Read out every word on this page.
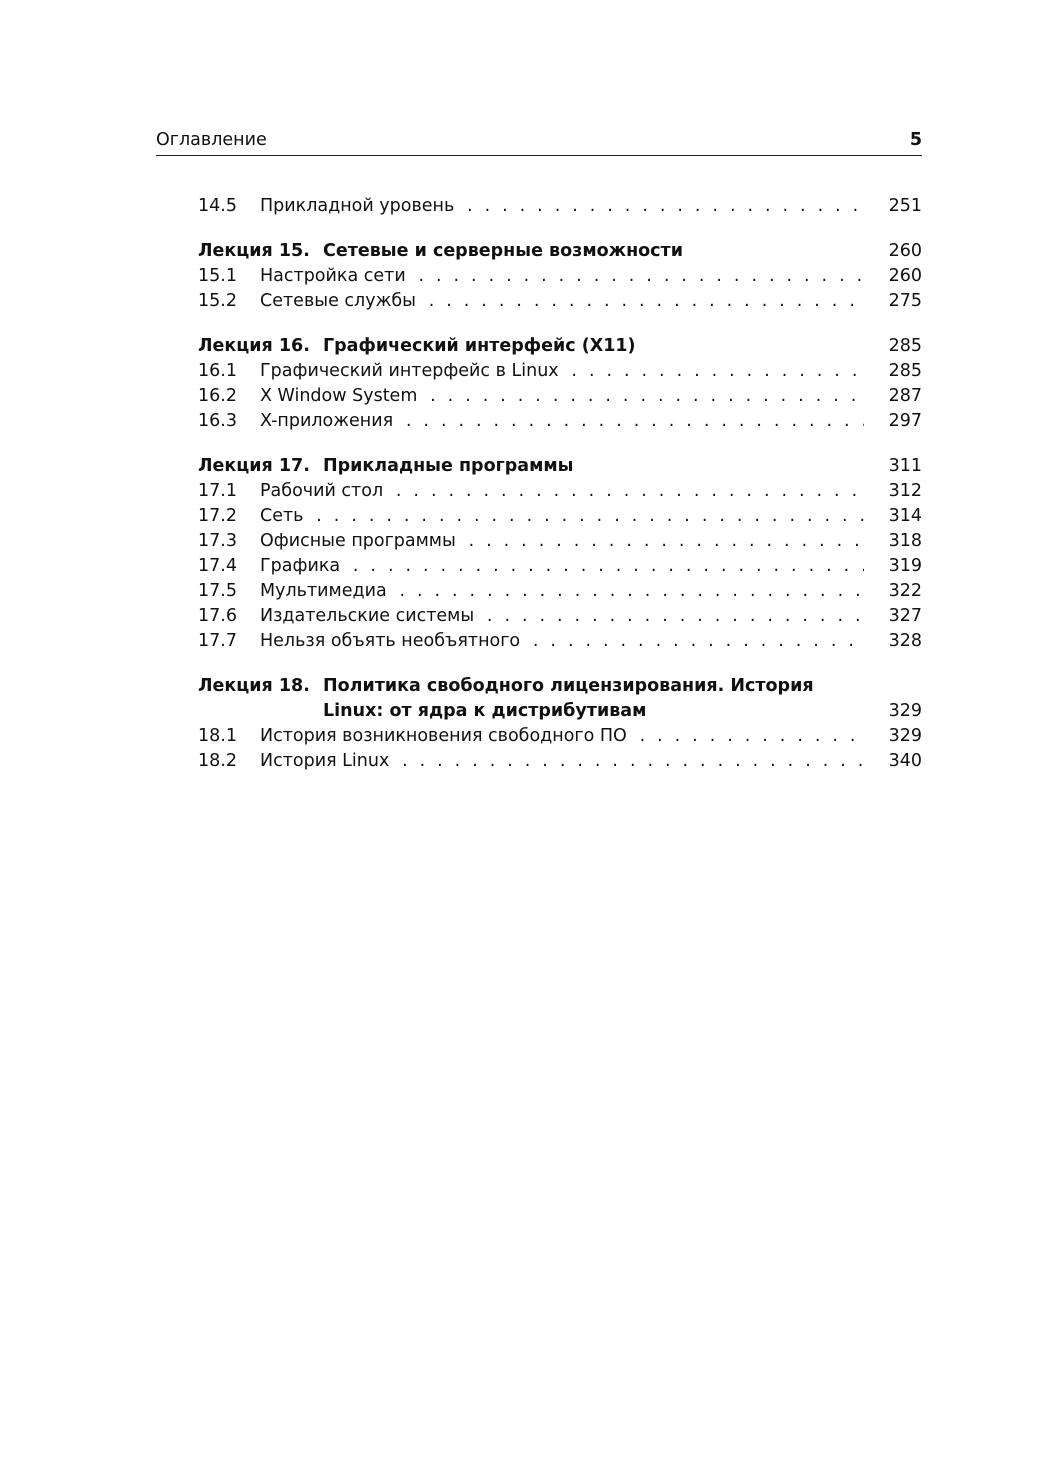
Оглавление	5
14.5 Прикладной уровень . . .	251
Лекция 15. Сетевые и серверные возможности	260
15.1 Настройка сети . . .	260
15.2 Сетевые службы . . .	275
Лекция 16. Графический интерфейс (X11)	285
16.1 Графический интерфейс в Linux . . .	285
16.2 X Window System . . .	287
16.3 X-приложения . . .	297
Лекция 17. Прикладные программы	311
17.1 Рабочий стол . . .	312
17.2 Сеть . . .	314
17.3 Офисные программы . . .	318
17.4 Графика . . .	319
17.5 Мультимедиа . . .	322
17.6 Издательские системы . . .	327
17.7 Нельзя объять необъятного . . .	328
Лекция 18. Политика свободного лицензирования. История Linux: от ядра к дистрибутивам	329
18.1 История возникновения свободного ПО . . .	329
18.2 История Linux . . .	340
